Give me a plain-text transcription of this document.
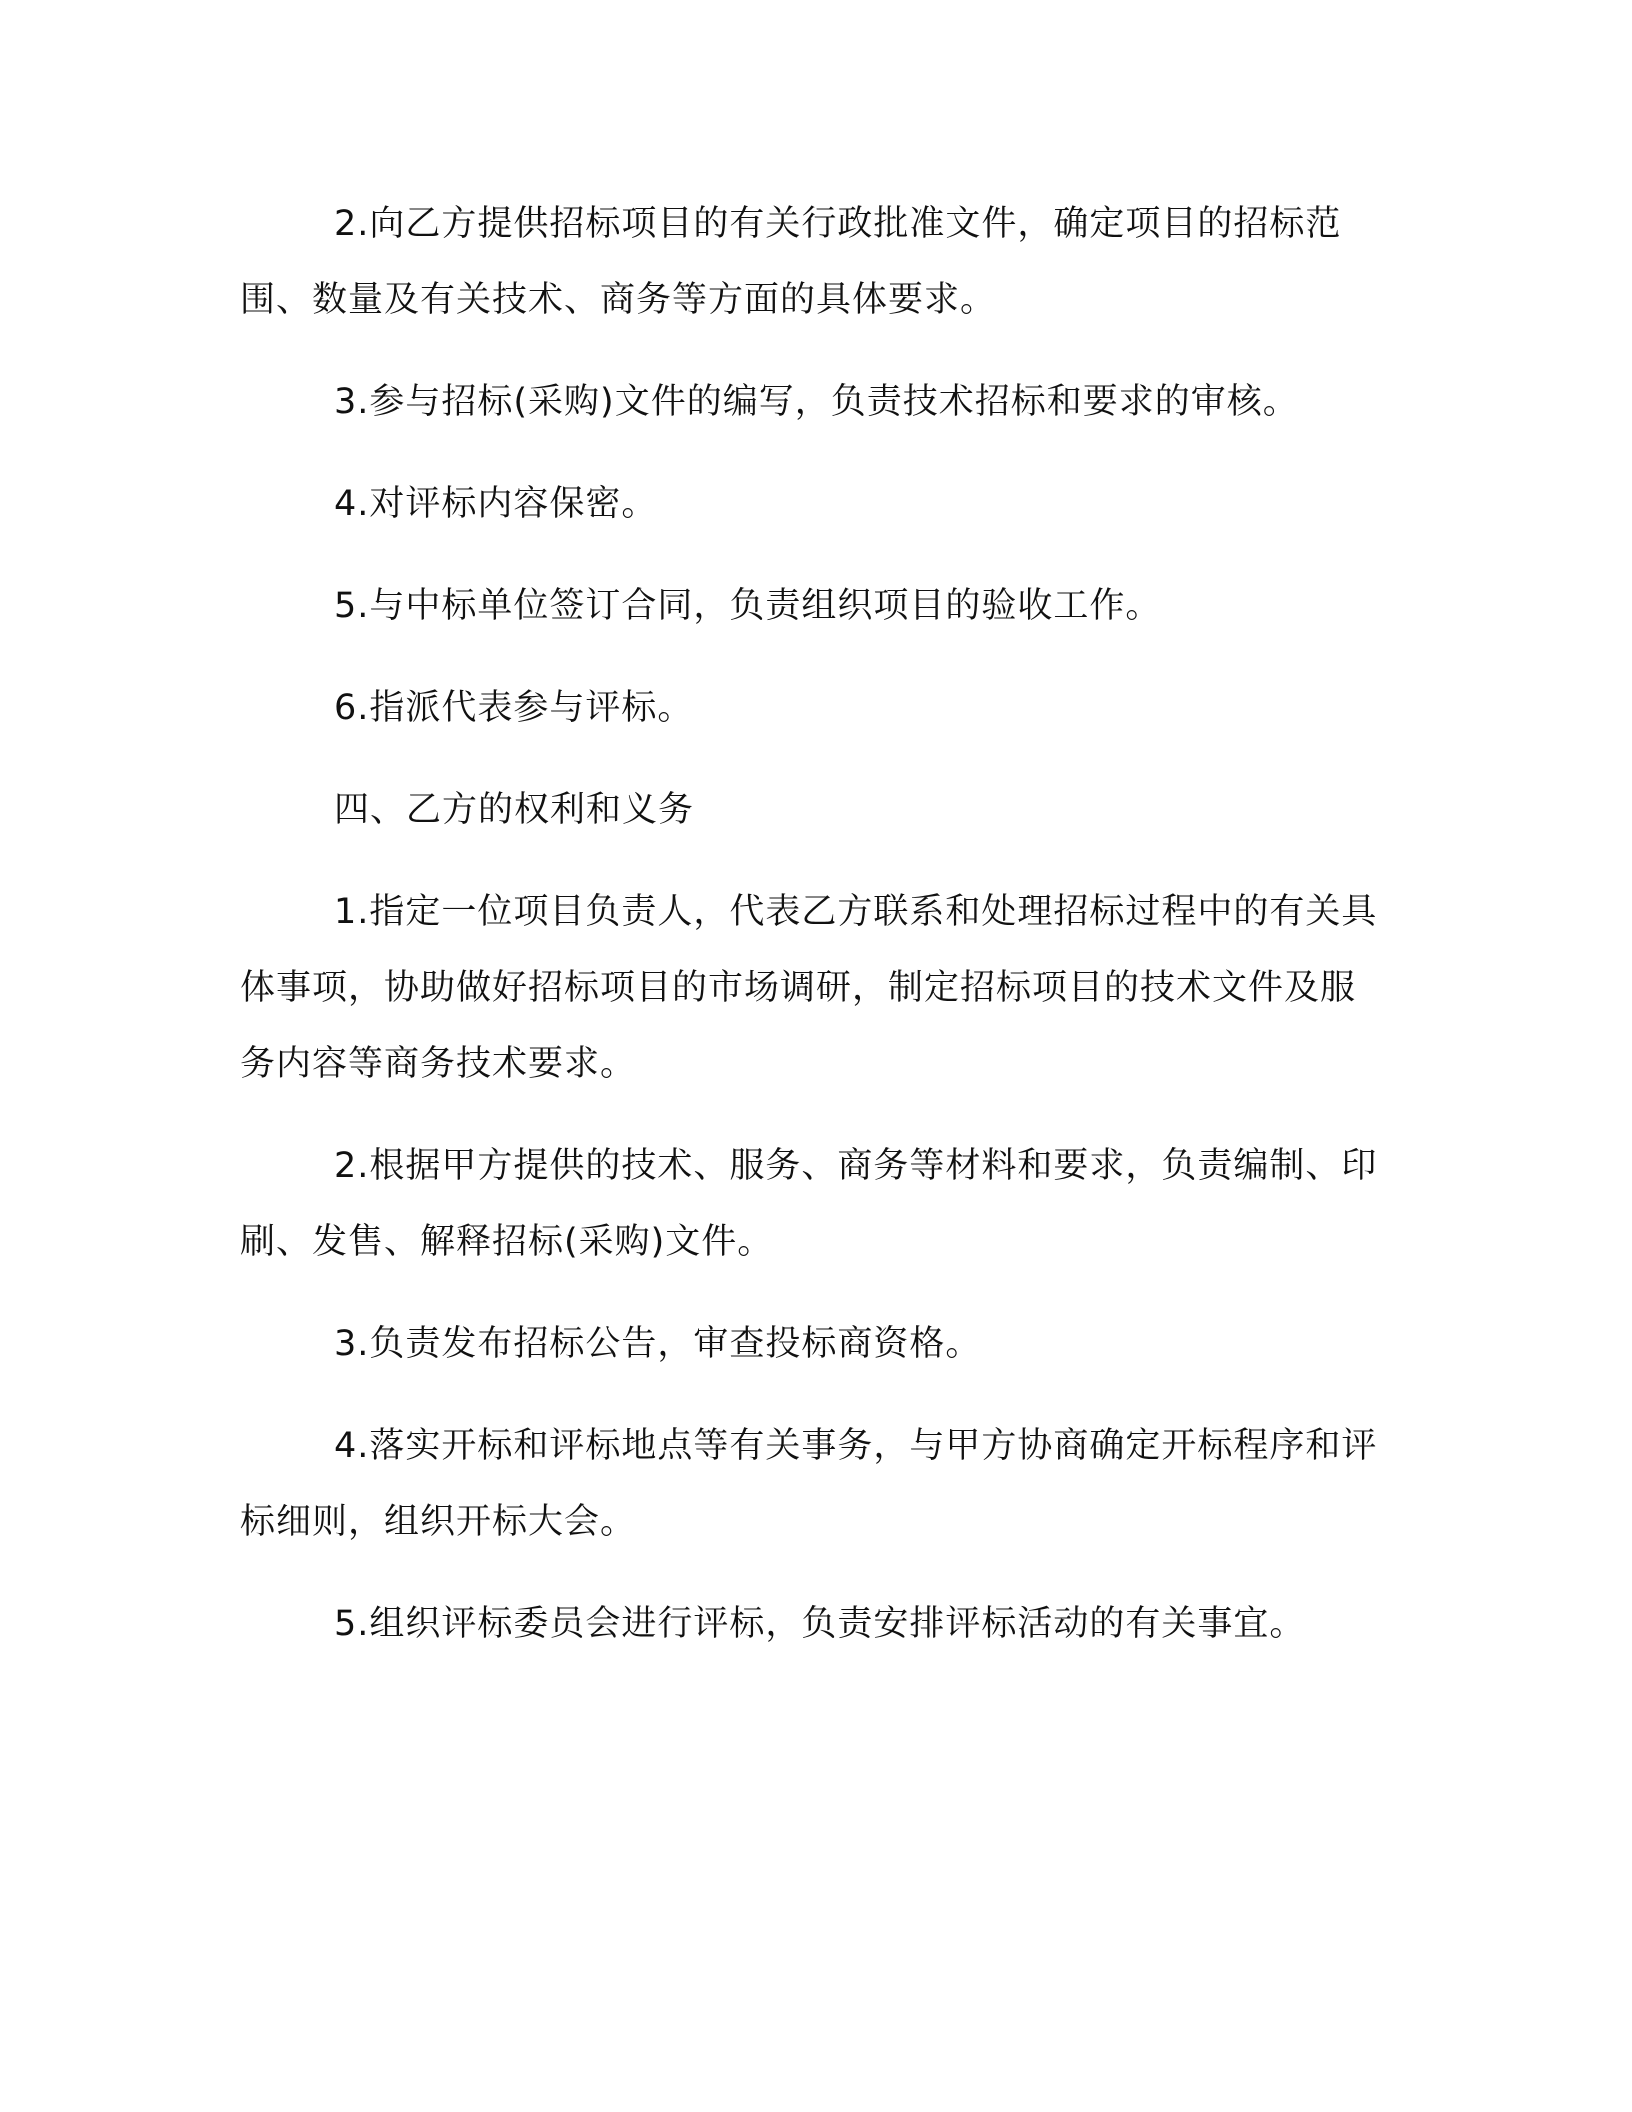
2.向乙方提供招标项目的有关行政批准文件，确定项目的招标范围、数量及有关技术、商务等方面的具体要求。

3.参与招标(采购)文件的编写，负责技术招标和要求的审核。

4.对评标内容保密。

5.与中标单位签订合同，负责组织项目的验收工作。

6.指派代表参与评标。

四、乙方的权利和义务

1.指定一位项目负责人，代表乙方联系和处理招标过程中的有关具体事项，协助做好招标项目的市场调研，制定招标项目的技术文件及服务内容等商务技术要求。

2.根据甲方提供的技术、服务、商务等材料和要求，负责编制、印刷、发售、解释招标(采购)文件。

3.负责发布招标公告，审查投标商资格。

4.落实开标和评标地点等有关事务，与甲方协商确定开标程序和评标细则，组织开标大会。

5.组织评标委员会进行评标，负责安排评标活动的有关事宜。
